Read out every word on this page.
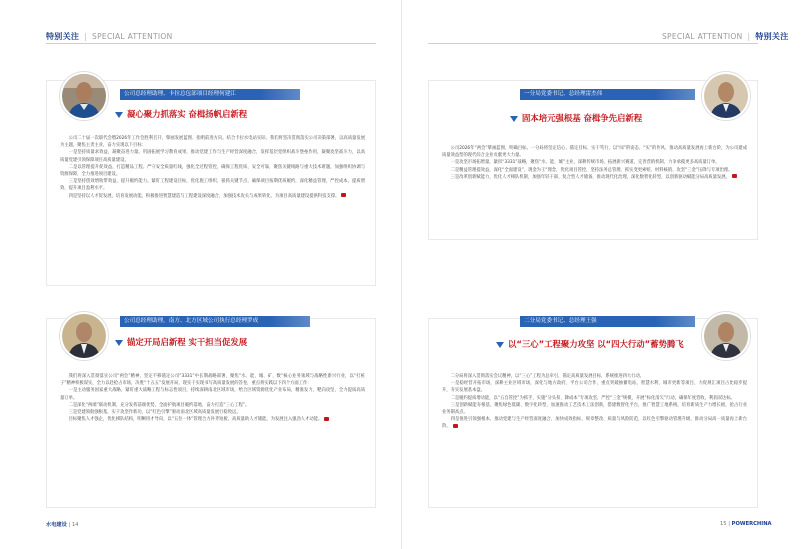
特别关注 | SPECIAL ATTENTION
公司总经理助理、卡拉总包部项目经理何建江
凝心聚力抓落实 奋楫扬帆启新程

公司二十届一次职代会暨2026年工作会胜利召开，擘画发展蓝图、指明前进方向。结合卡拉水电站实际，我们将坚决贯彻落实公司决策部署，以高质量发展为主题，聚焦主责主业，奋力实现以下目标：

一是坚持质量求效益，凝聚奋进力量。巩固拓展学习教育成果，推动党建工作与生产经营深度融合，发挥基层党组织战斗堡垒作用，凝聚攻坚战斗力，以高质量党建引领保障项目高质量建设。

二是以管理提升促效益，打造精品工程。严守安全质量红线，强化全过程管控，确保工程优质、安全可靠，聚焦关键线路与重大技术难题，加强组织协调与资源保障，全力推进项目建设。

三是坚持创效增收带效益，提升履约能力。紧盯工程建设目标，优化施工组织，狠抓关键节点，确保项目按期优质履约，深化精益管理，严控成本，提质增效，提升项目盈利水平。

四是坚持以人才促发展，培育发展动能。积极推进智慧建造与工程建设深度融合，加强技术攻关与成果转化，为项目高质量建设提供科技支撑。

公司总经理助理，南方、北方区域公司执行总经理罗成
锚定开局启新程 实干担当促发展

我们将深入贯彻落实公司“两会”精神，坚定不移锚定公司“3331”中长期战略部署，聚焦“水、能、城、矿、数”核心业务领域与战略性新兴行业，以“打桩子”精神积极谋实，全力以赴抢占市场，决胜“十五五”发展开局，现实干实现书写高质量发展的答卷，重点将实践以下四个方面工作：

一是主动服务国家重大战略，紧盯重大战略工程与标志性项目，持续深耕南北区域市场，给合区域资源优化产业布局，精准发力，靶向攻坚，全力提质高质量订单。

二是深化“两端”联动机制，充分发挥前端优势，全面护航项目履约落地，奋力打造“三心工程”。

三是党建领航强根基，实干攻坚作新功，以“红色引擎”驱动南北区域高质量发展行稳致远。

目标聚焦人才强企，优化梯队结构，明晰用才导向，以“五位一体”管理合力补齐短板，高质量助人才储能，为发展注入强劲人才动能。

水电建设 | 14
SPECIAL ATTENTION | 特别关注
一分局党委书记、总经理雷杰伟
固本培元强根基 奋楫争先启新程

公司2026年“两会”擘画蓝图、明确目标。一分局将坚定信心、锚定目标、实干笃行，以“闯”的姿态、“实”的作风、推动高质量发展再上新台阶，为公司建成质量效益型的现代综合企业贡献更大力量。

一是攻坚市场拓增量，紧扣“3331”战略，聚焦“水、能、城”主业，深耕传统市场，拓展新兴赛道，完善营销机制，力争承揽更多高质量订单。

二是精益管理提效益，深化“全面建设”、现金为王“理念，优化项目管控，坚持法务总管理、抓实变更索赔、材料核销、攻坚“三金”压降与专项治理。

三是改革创新赋能力，优化人才梯队机制，加强年轻干部、复合型人才储备，推动现代化治理，深化数智化转型，以创新驱动赋能分局高质量发展。

二分局党委书记、总经理王强
以“三心”工程聚力攻坚 以“四大行动”蓄势腾飞

二分局将深入贯彻落实会议精神，以“三心”工程为总牵引，锚定高质量发展目标，系统推进四大行动。

一是稳经营开拓市场，深耕主业区域市场，深化与地方政府、平台公司合作，重点突破抽蓄电站、智慧水利、城市更新等项目，力促规汇项目占比稳步提升，夯实发展基本盘。

二是履约提质增动能，以“五自管控”为抓手，实施“分头扣、降成本”专项攻坚，严控“三金”规模，开展“标化清欠”行动，确保年度营收、利润双达标。

三是创新赋能夯根基，聚焦绿色低碳、数字化转型，加速推动工艺技术工法创新，搭建数智化平台，推广智慧工地系统，培育新质生产力增长极，抢占行业业务制高点。

四是推进引领强根本，推动党建与生产经营深度融合，加快成效指标、规章整改、质量与风险防范，以红色引擎驱动管理升级，推动分局高一质量再上新台阶。

15 | POWERCHINA
